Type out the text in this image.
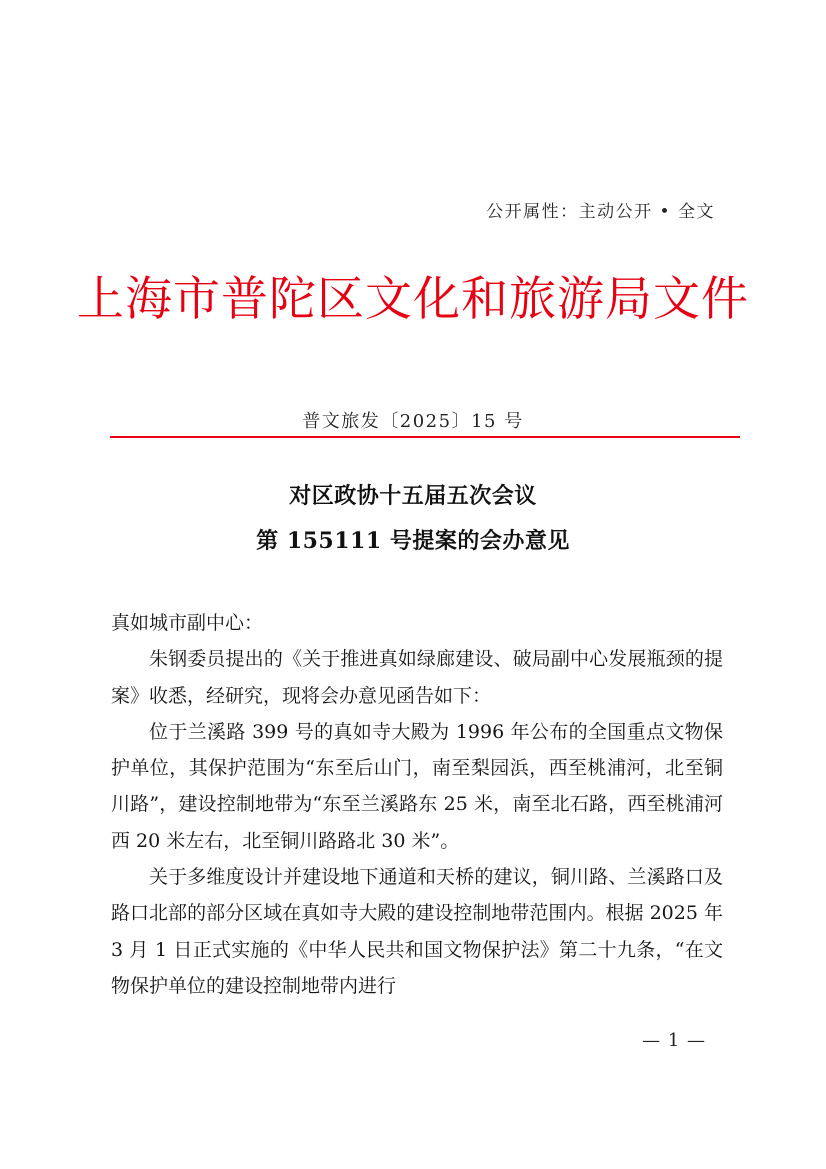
公开属性：主动公开 • 全文
上海市普陀区文化和旅游局文件
普文旅发〔2025〕15 号
对区政协十五届五次会议
第 155111 号提案的会办意见

真如城市副中心：

朱钢委员提出的《关于推进真如绿廊建设、破局副中心发展瓶颈的提案》收悉，经研究，现将会办意见函告如下：

位于兰溪路 399 号的真如寺大殿为 1996 年公布的全国重点文物保护单位，其保护范围为“东至后山门，南至梨园浜，西至桃浦河，北至铜川路”，建设控制地带为“东至兰溪路东 25 米，南至北石路，西至桃浦河西 20 米左右，北至铜川路路北 30 米”。

关于多维度设计并建设地下通道和天桥的建议，铜川路、兰溪路口及路口北部的部分区域在真如寺大殿的建设控制地带范围内。根据 2025 年 3 月 1 日正式实施的《中华人民共和国文物保护法》第二十九条，“在文物保护单位的建设控制地带内进行

— 1 —
